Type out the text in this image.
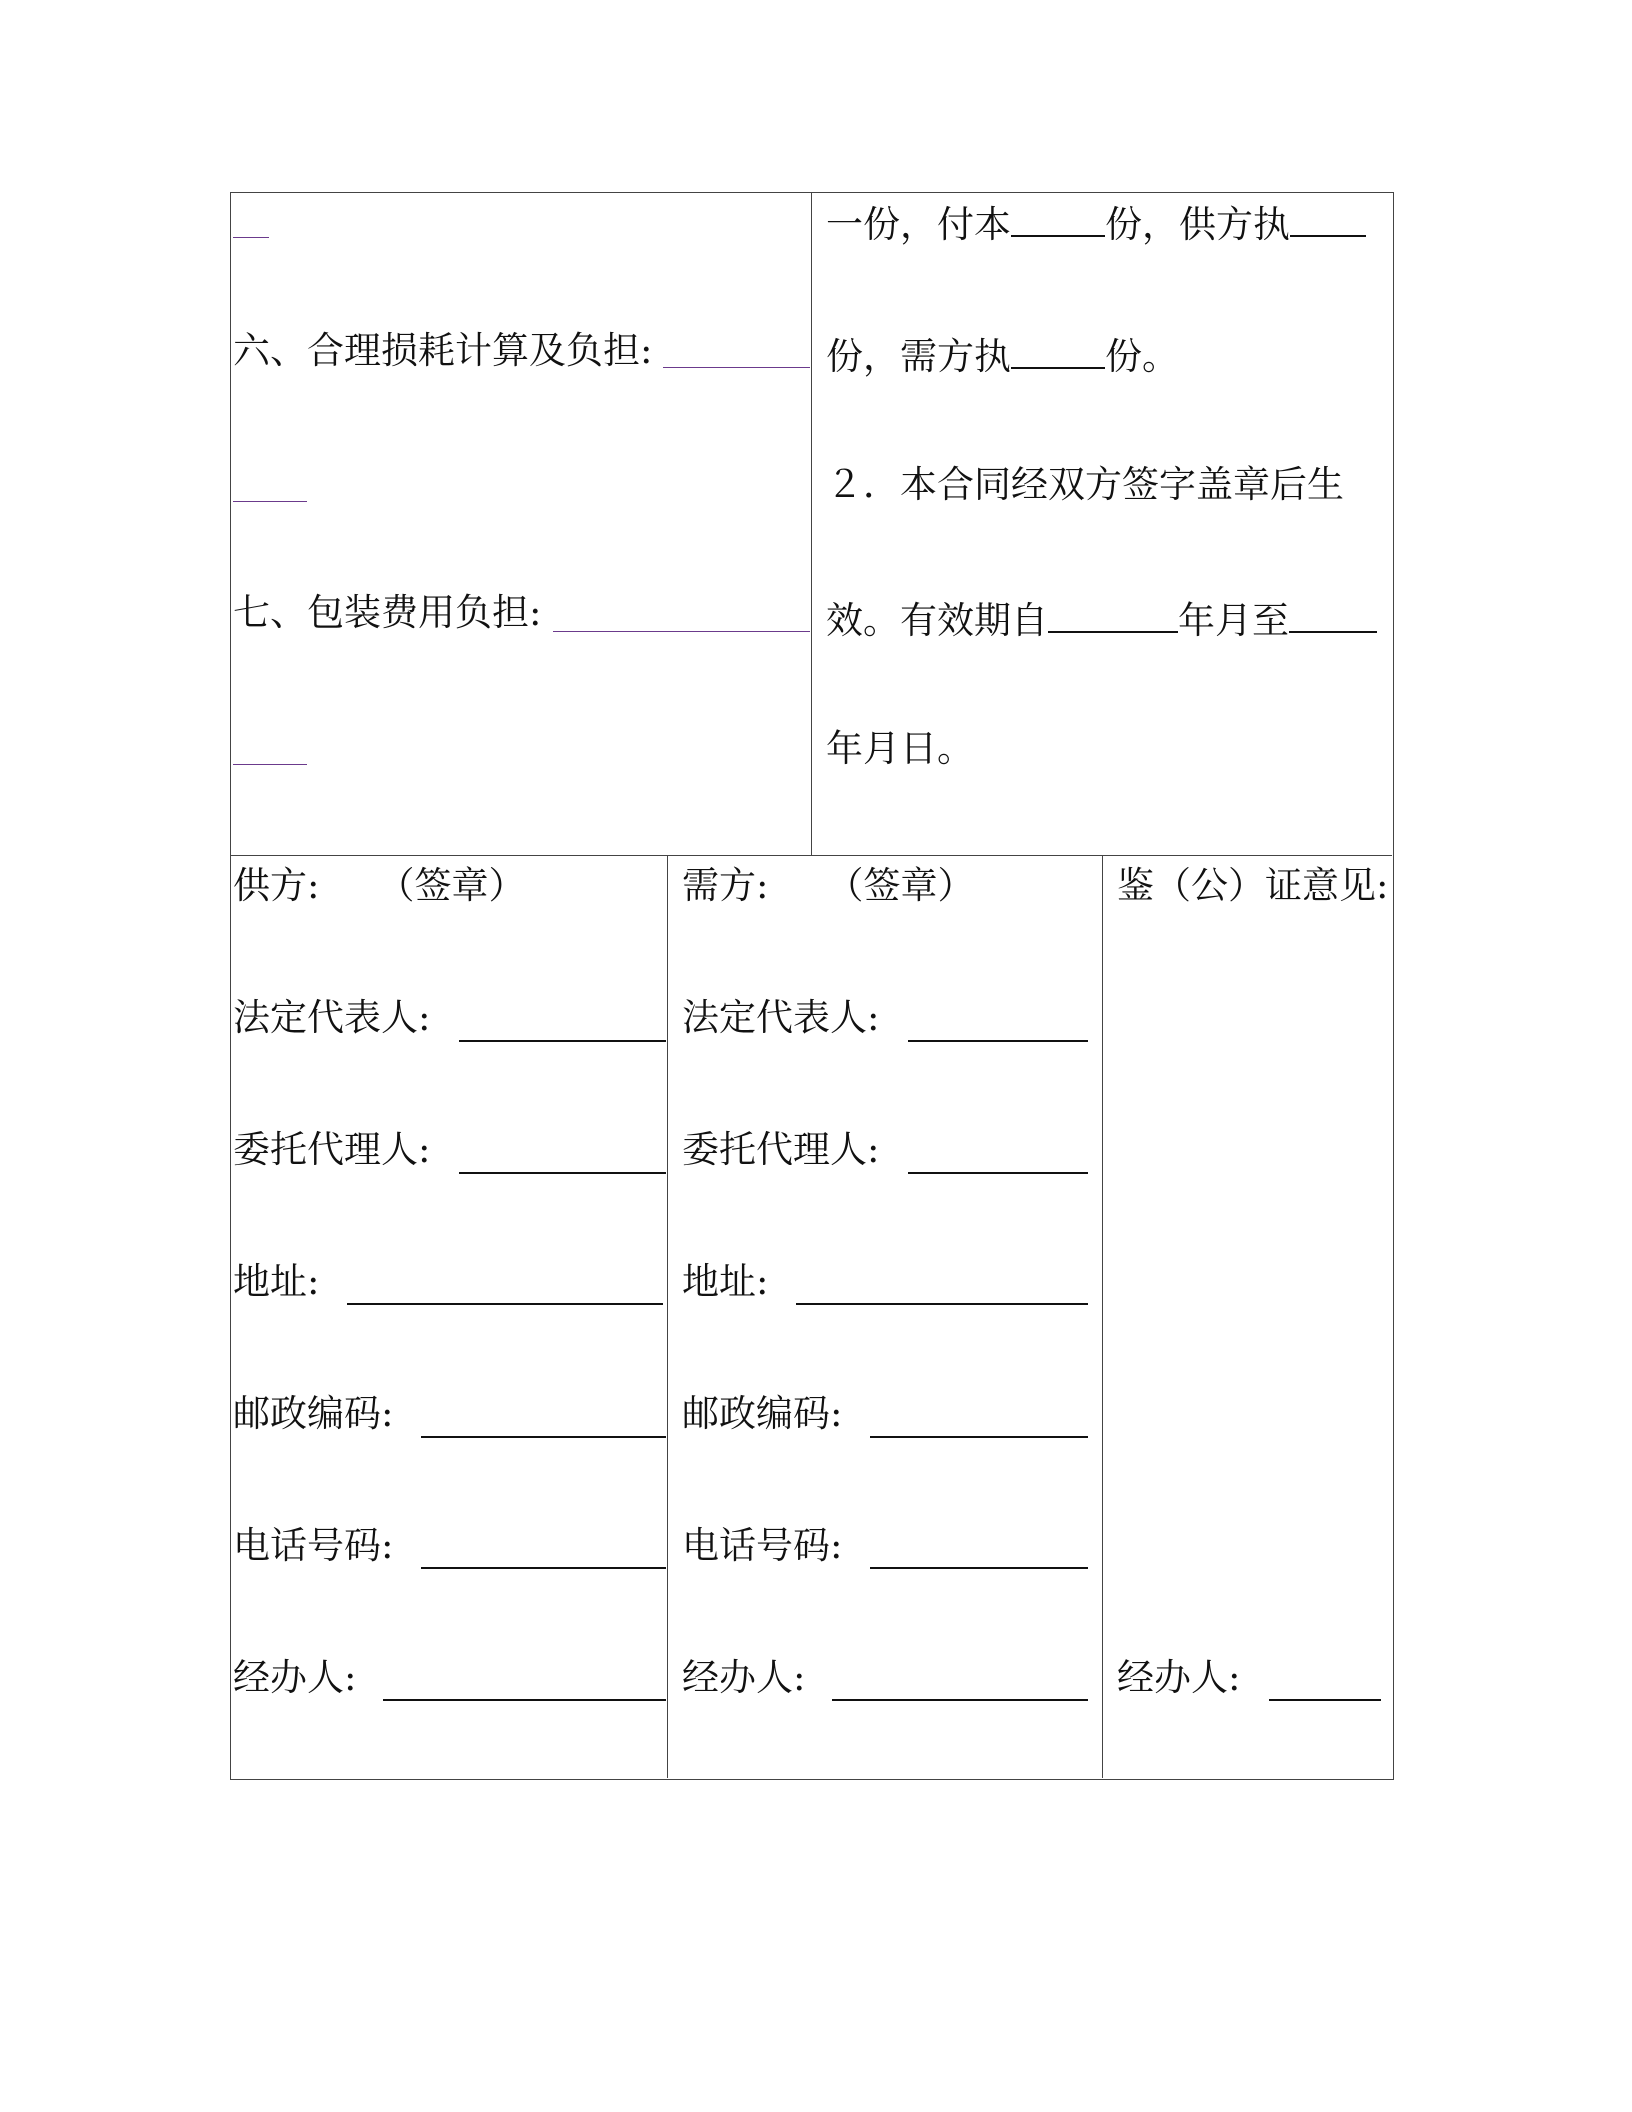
六、合理损耗计算及负担:
七、包装费用负担:
一份，付本	份，供方执
份，需方执	份。
２．本合同经双方签字盖章后生
效。有效期自	年月至
年月日。
供方: （签章）
法定代表人:
委托代理人:
地址:
邮政编码:
电话号码:
经办人:
需方: （签章）
法定代表人:
委托代理人:
地址:
邮政编码:
电话号码:
经办人:
鉴（公）证意见:
经办人:
